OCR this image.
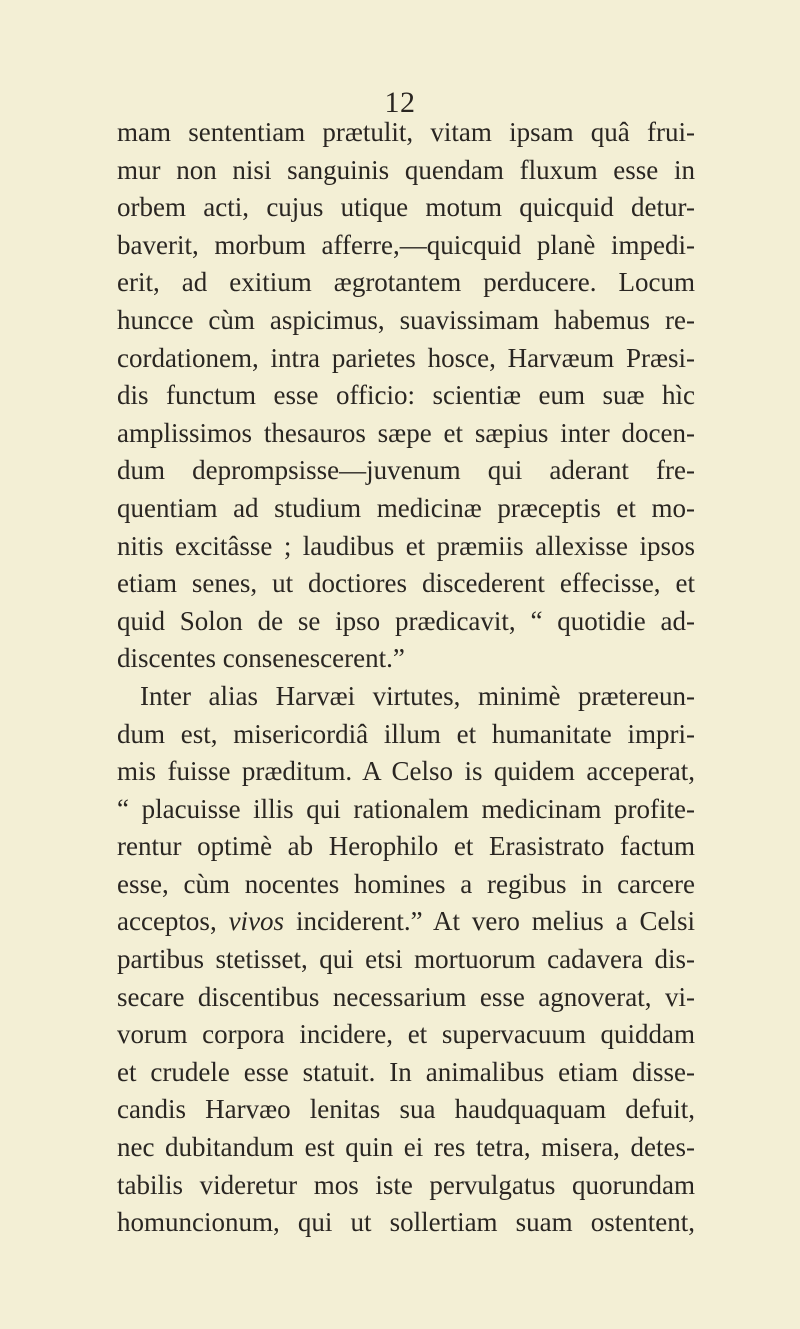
12
mam sententiam prætulit, vitam ipsam quâ frui-
mur non nisi sanguinis quendam fluxum esse in
orbem acti, cujus utique motum quicquid detur-
baverit, morbum afferre,—quicquid planè impedi-
erit, ad exitium ægrotantem perducere. Locum
huncce cùm aspicimus, suavissimam habemus re-
cordationem, intra parietes hosce, Harvæum Præsi-
dis functum esse officio: scientiæ eum suæ hìc
amplissimos thesauros sæpe et sæpius inter docen-
dum deprompsisse—juvenum qui aderant fre-
quentiam ad studium medicinæ præceptis et mo-
nitis excitâsse ; laudibus et præmiis allexisse ipsos
etiam senes, ut doctiores discederent effecisse, et
quid Solon de se ipso prædicavit, “ quotidie ad-
discentes consenescerent.”
Inter alias Harvæi virtutes, minimè prætereun-
dum est, misericordiâ illum et humanitate impri-
mis fuisse præditum. A Celso is quidem acceperat,
“ placuisse illis qui rationalem medicinam profite-
rentur optimè ab Herophilo et Erasistrato factum
esse, cùm nocentes homines a regibus in carcere
acceptos, vivos inciderent.” At vero melius a Celsi
partibus stetisset, qui etsi mortuorum cadavera dis-
secare discentibus necessarium esse agnoverat, vi-
vorum corpora incidere, et supervacuum quiddam
et crudele esse statuit. In animalibus etiam disse-
candis Harvæo lenitas sua haudquaquam defuit,
nec dubitandum est quin ei res tetra, misera, detes-
tabilis videretur mos iste pervulgatus quorundam
homuncionum, qui ut sollertiam suam ostentent,
